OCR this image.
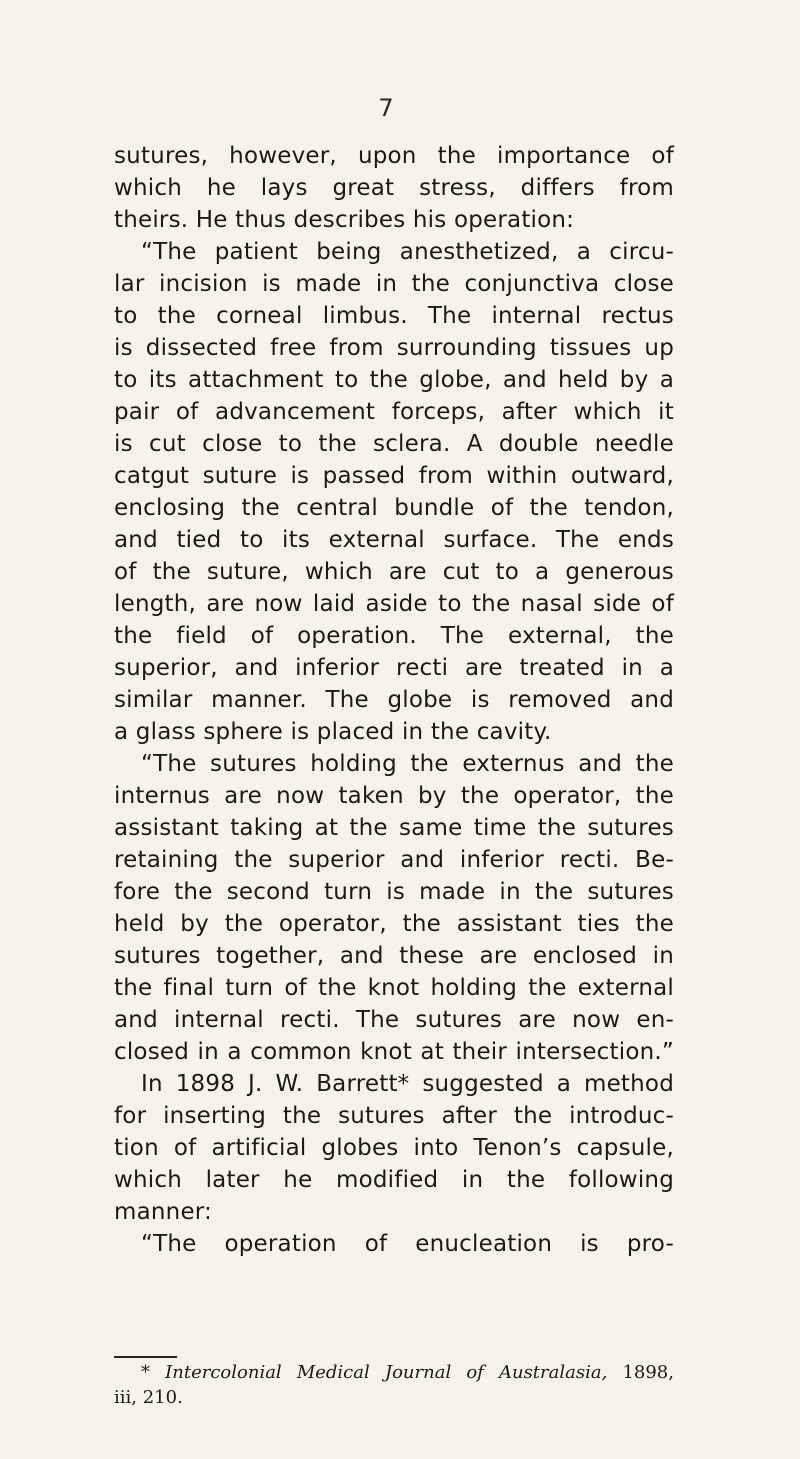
7
sutures, however, upon the importance of
which he lays great stress, differs from
theirs. He thus describes his operation:
“The patient being anesthetized, a circu-
lar incision is made in the conjunctiva close
to the corneal limbus. The internal rectus
is dissected free from surrounding tissues up
to its attachment to the globe, and held by a
pair of advancement forceps, after which it
is cut close to the sclera. A double needle
catgut suture is passed from within outward,
enclosing the central bundle of the tendon,
and tied to its external surface. The ends
of the suture, which are cut to a generous
length, are now laid aside to the nasal side of
the field of operation. The external, the
superior, and inferior recti are treated in a
similar manner. The globe is removed and
a glass sphere is placed in the cavity.
“The sutures holding the externus and the
internus are now taken by the operator, the
assistant taking at the same time the sutures
retaining the superior and inferior recti. Be-
fore the second turn is made in the sutures
held by the operator, the assistant ties the
sutures together, and these are enclosed in
the final turn of the knot holding the external
and internal recti. The sutures are now en-
closed in a common knot at their intersection.”
In 1898 J. W. Barrett* suggested a method
for inserting the sutures after the introduc-
tion of artificial globes into Tenon’s capsule,
which later he modified in the following
manner:
“The operation of enucleation is pro-
* Intercolonial Medical Journal of Australasia, 1898,
iii, 210.
